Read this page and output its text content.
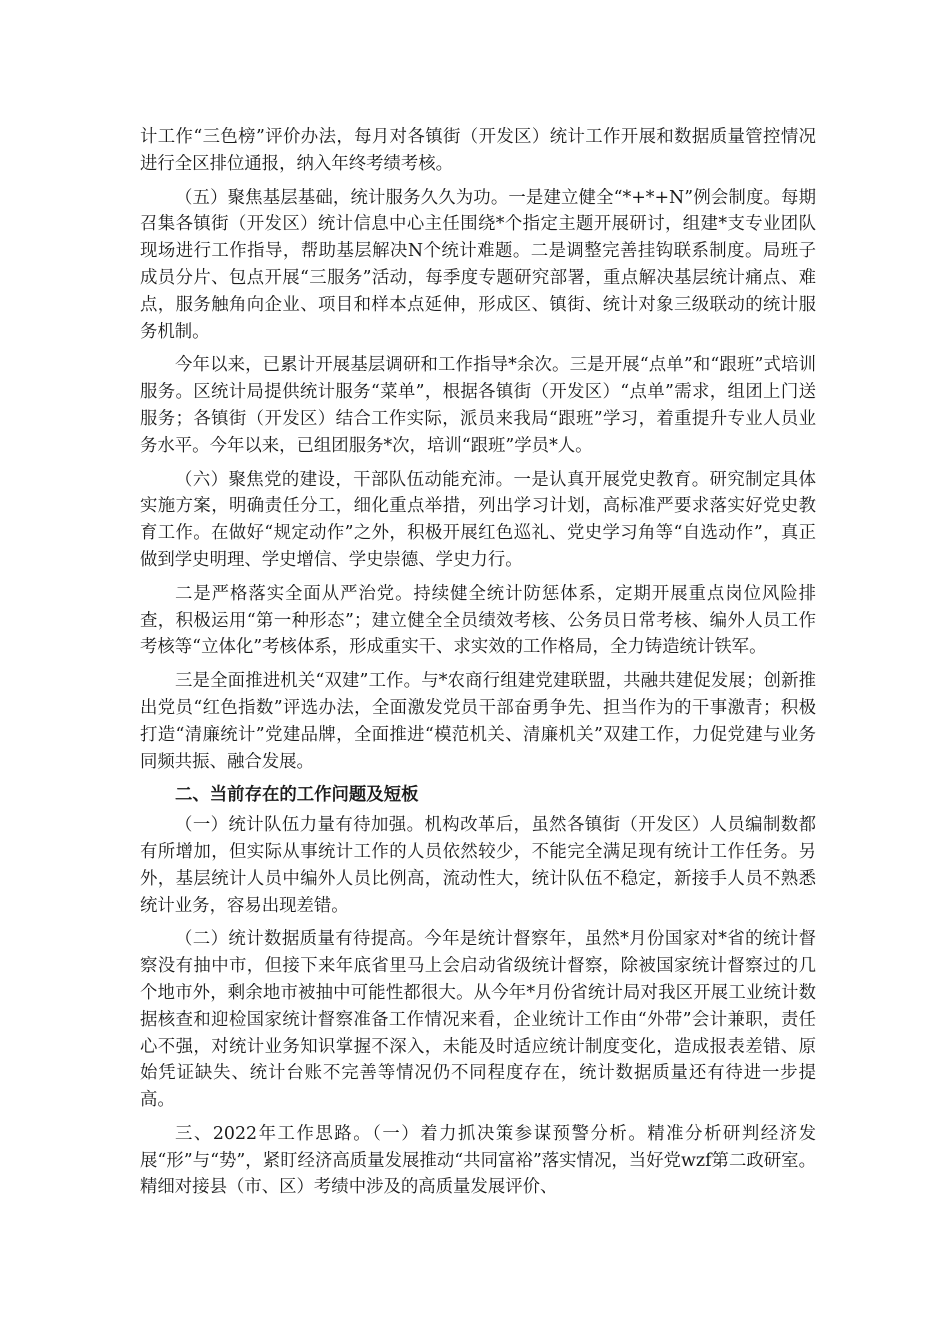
计工作“三色榜”评价办法，每月对各镇街（开发区）统计工作开展和数据质量管控情况进行全区排位通报，纳入年终考绩考核。

（五）聚焦基层基础，统计服务久久为功。一是建立健全“*+*+N”例会制度。每期召集各镇街（开发区）统计信息中心主任围绕*个指定主题开展研讨，组建*支专业团队现场进行工作指导，帮助基层解决N个统计难题。二是调整完善挂钩联系制度。局班子成员分片、包点开展“三服务”活动，每季度专题研究部署，重点解决基层统计痛点、难点，服务触角向企业、项目和样本点延伸，形成区、镇街、统计对象三级联动的统计服务机制。

今年以来，已累计开展基层调研和工作指导*余次。三是开展“点单”和“跟班”式培训服务。区统计局提供统计服务“菜单”，根据各镇街（开发区）“点单”需求，组团上门送服务；各镇街（开发区）结合工作实际，派员来我局“跟班”学习，着重提升专业人员业务水平。今年以来，已组团服务*次，培训“跟班”学员*人。

（六）聚焦党的建设，干部队伍动能充沛。一是认真开展党史教育。研究制定具体实施方案，明确责任分工，细化重点举措，列出学习计划，高标准严要求落实好党史教育工作。在做好“规定动作”之外，积极开展红色巡礼、党史学习角等“自选动作”，真正做到学史明理、学史增信、学史崇德、学史力行。

二是严格落实全面从严治党。持续健全统计防惩体系，定期开展重点岗位风险排查，积极运用“第一种形态”；建立健全全员绩效考核、公务员日常考核、编外人员工作考核等“立体化”考核体系，形成重实干、求实效的工作格局，全力铸造统计铁军。

三是全面推进机关“双建”工作。与*农商行组建党建联盟，共融共建促发展；创新推出党员“红色指数”评选办法，全面激发党员干部奋勇争先、担当作为的干事激青；积极打造“清廉统计”党建品牌，全面推进“模范机关、清廉机关”双建工作，力促党建与业务同频共振、融合发展。

二、当前存在的工作问题及短板

（一）统计队伍力量有待加强。机构改革后，虽然各镇街（开发区）人员编制数都有所增加，但实际从事统计工作的人员依然较少，不能完全满足现有统计工作任务。另外，基层统计人员中编外人员比例高，流动性大，统计队伍不稳定，新接手人员不熟悉统计业务，容易出现差错。

（二）统计数据质量有待提高。今年是统计督察年，虽然*月份国家对*省的统计督察没有抽中市，但接下来年底省里马上会启动省级统计督察，除被国家统计督察过的几个地市外，剩余地市被抽中可能性都很大。从今年*月份省统计局对我区开展工业统计数据核查和迎检国家统计督察准备工作情况来看，企业统计工作由“外带”会计兼职，责任心不强，对统计业务知识掌握不深入，未能及时适应统计制度变化，造成报表差错、原始凭证缺失、统计台账不完善等情况仍不同程度存在，统计数据质量还有待进一步提高。

三、2022年工作思路。（一）着力抓决策参谋预警分析。精准分析研判经济发展“形”与“势”，紧盯经济高质量发展推动“共同富裕”落实情况，当好党wzf第二政研室。精细对接县（市、区）考绩中涉及的高质量发展评价、
